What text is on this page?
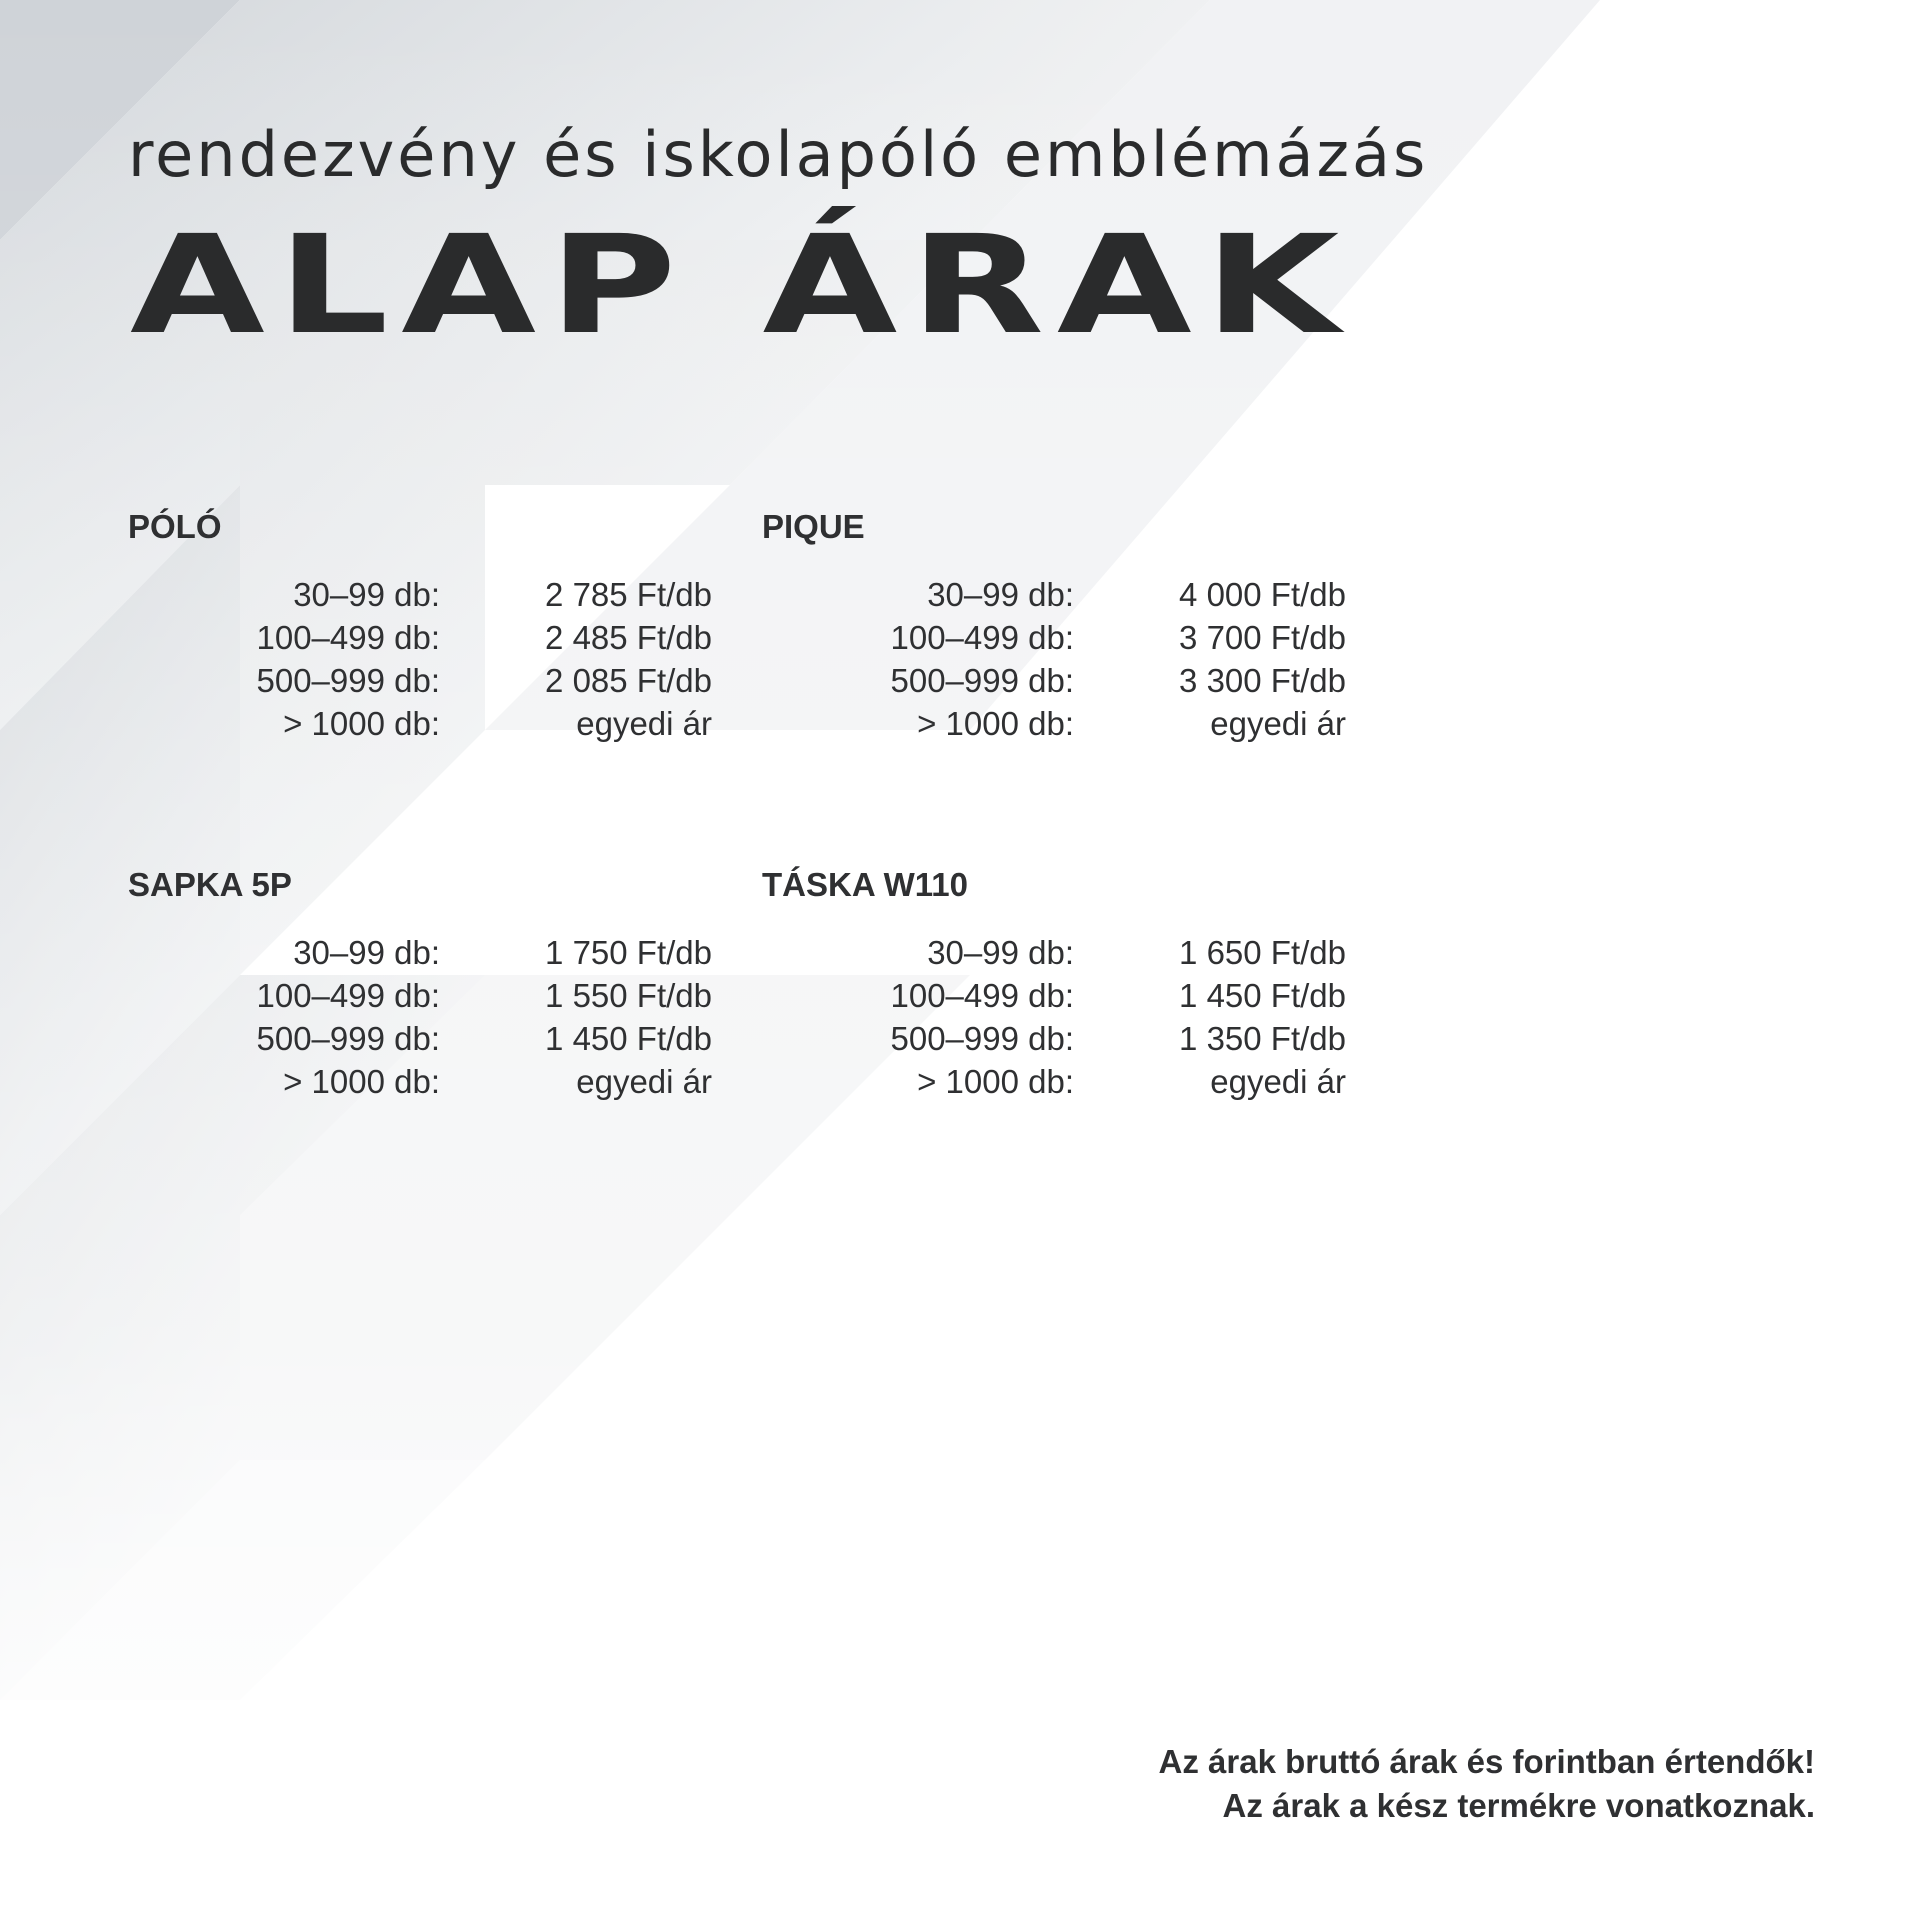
rendezvény és iskolapóló emblémázás
ALAP ÁRAK
PÓLÓ
30–99 db:	2 785 Ft/db
100–499 db:	2 485 Ft/db
500–999 db:	2 085 Ft/db
> 1000 db:	egyedi ár
PIQUE
30–99 db:	4 000 Ft/db
100–499 db:	3 700 Ft/db
500–999 db:	3 300 Ft/db
> 1000 db:	egyedi ár
SAPKA 5P
30–99 db:	1 750 Ft/db
100–499 db:	1 550 Ft/db
500–999 db:	1 450 Ft/db
> 1000 db:	egyedi ár
TÁSKA W110
30–99 db:	1 650 Ft/db
100–499 db:	1 450 Ft/db
500–999 db:	1 350 Ft/db
> 1000 db:	egyedi ár
Az árak bruttó árak és forintban értendők!
Az árak a kész termékre vonatkoznak.
